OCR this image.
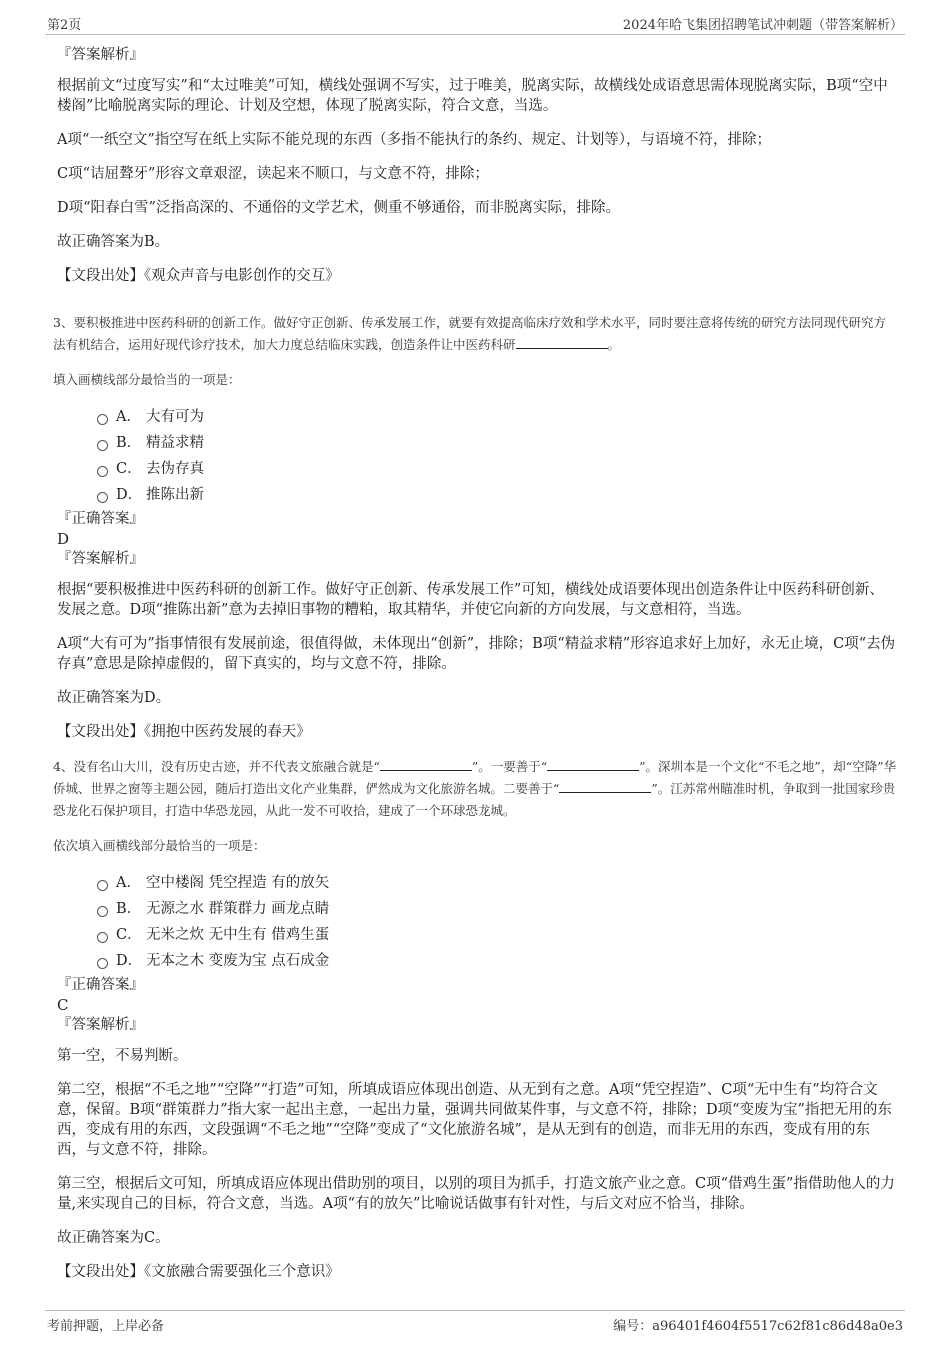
第2页	2024年哈飞集团招聘笔试冲刺题（带答案解析）

『答案解析』

根据前文“过度写实”和“太过唯美”可知，横线处强调不写实，过于唯美，脱离实际，故横线处成语意思需体现脱离实际，B项“空中楼阁”比喻脱离实际的理论、计划及空想，体现了脱离实际，符合文意，当选。

A项“一纸空文”指空写在纸上实际不能兑现的东西（多指不能执行的条约、规定、计划等），与语境不符，排除；

C项“诘屈聱牙”形容文章艰涩，读起来不顺口，与文意不符，排除；

D项“阳春白雪”泛指高深的、不通俗的文学艺术，侧重不够通俗，而非脱离实际，排除。

故正确答案为B。

【文段出处】《观众声音与电影创作的交互》

3、要积极推进中医药科研的创新工作。做好守正创新、传承发展工作，就要有效提高临床疗效和学术水平，同时要注意将传统的研究方法同现代研究方法有机结合，运用好现代诊疗技术，加大力度总结临床实践，创造条件让中医药科研	。

填入画横线部分最恰当的一项是：

A． 大有可为
B． 精益求精
C． 去伪存真
D． 推陈出新

『正确答案』

D

『答案解析』

根据“要积极推进中医药科研的创新工作。做好守正创新、传承发展工作”可知，横线处成语要体现出创造条件让中医药科研创新、发展之意。D项“推陈出新”意为去掉旧事物的糟粕，取其精华，并使它向新的方向发展，与文意相符，当选。

A项“大有可为”指事情很有发展前途，很值得做，未体现出“创新”，排除；B项“精益求精”形容追求好上加好，永无止境，C项“去伪存真”意思是除掉虚假的，留下真实的，均与文意不符，排除。

故正确答案为D。

【文段出处】《拥抱中医药发展的春天》

4、没有名山大川，没有历史古迹，并不代表文旅融合就是“	”。一要善于“	”。深圳本是一个文化“不毛之地”，却“空降”华侨城、世界之窗等主题公园，随后打造出文化产业集群，俨然成为文化旅游名城。二要善于“	”。江苏常州瞄准时机，争取到一批国家珍贵恐龙化石保护项目，打造中华恐龙园，从此一发不可收拾，建成了一个环球恐龙城。

依次填入画横线部分最恰当的一项是：

A． 空中楼阁 凭空捏造 有的放矢
B． 无源之水 群策群力 画龙点睛
C． 无米之炊 无中生有 借鸡生蛋
D． 无本之木 变废为宝 点石成金

『正确答案』

C

『答案解析』

第一空，不易判断。

第二空，根据“不毛之地”“空降”“打造”可知，所填成语应体现出创造、从无到有之意。A项“凭空捏造”、C项“无中生有”均符合文意，保留。B项“群策群力”指大家一起出主意，一起出力量，强调共同做某件事，与文意不符，排除；D项“变废为宝”指把无用的东西，变成有用的东西，文段强调“不毛之地”“空降”变成了“文化旅游名城”，是从无到有的创造，而非无用的东西，变成有用的东西，与文意不符，排除。

第三空，根据后文可知，所填成语应体现出借助别的项目，以别的项目为抓手，打造文旅产业之意。C项“借鸡生蛋”指借助他人的力量,来实现自己的目标，符合文意，当选。A项“有的放矢”比喻说话做事有针对性，与后文对应不恰当，排除。

故正确答案为C。

【文段出处】《文旅融合需要强化三个意识》

考前押题，上岸必备	编号：a96401f4604f5517c62f81c86d48a0e3
